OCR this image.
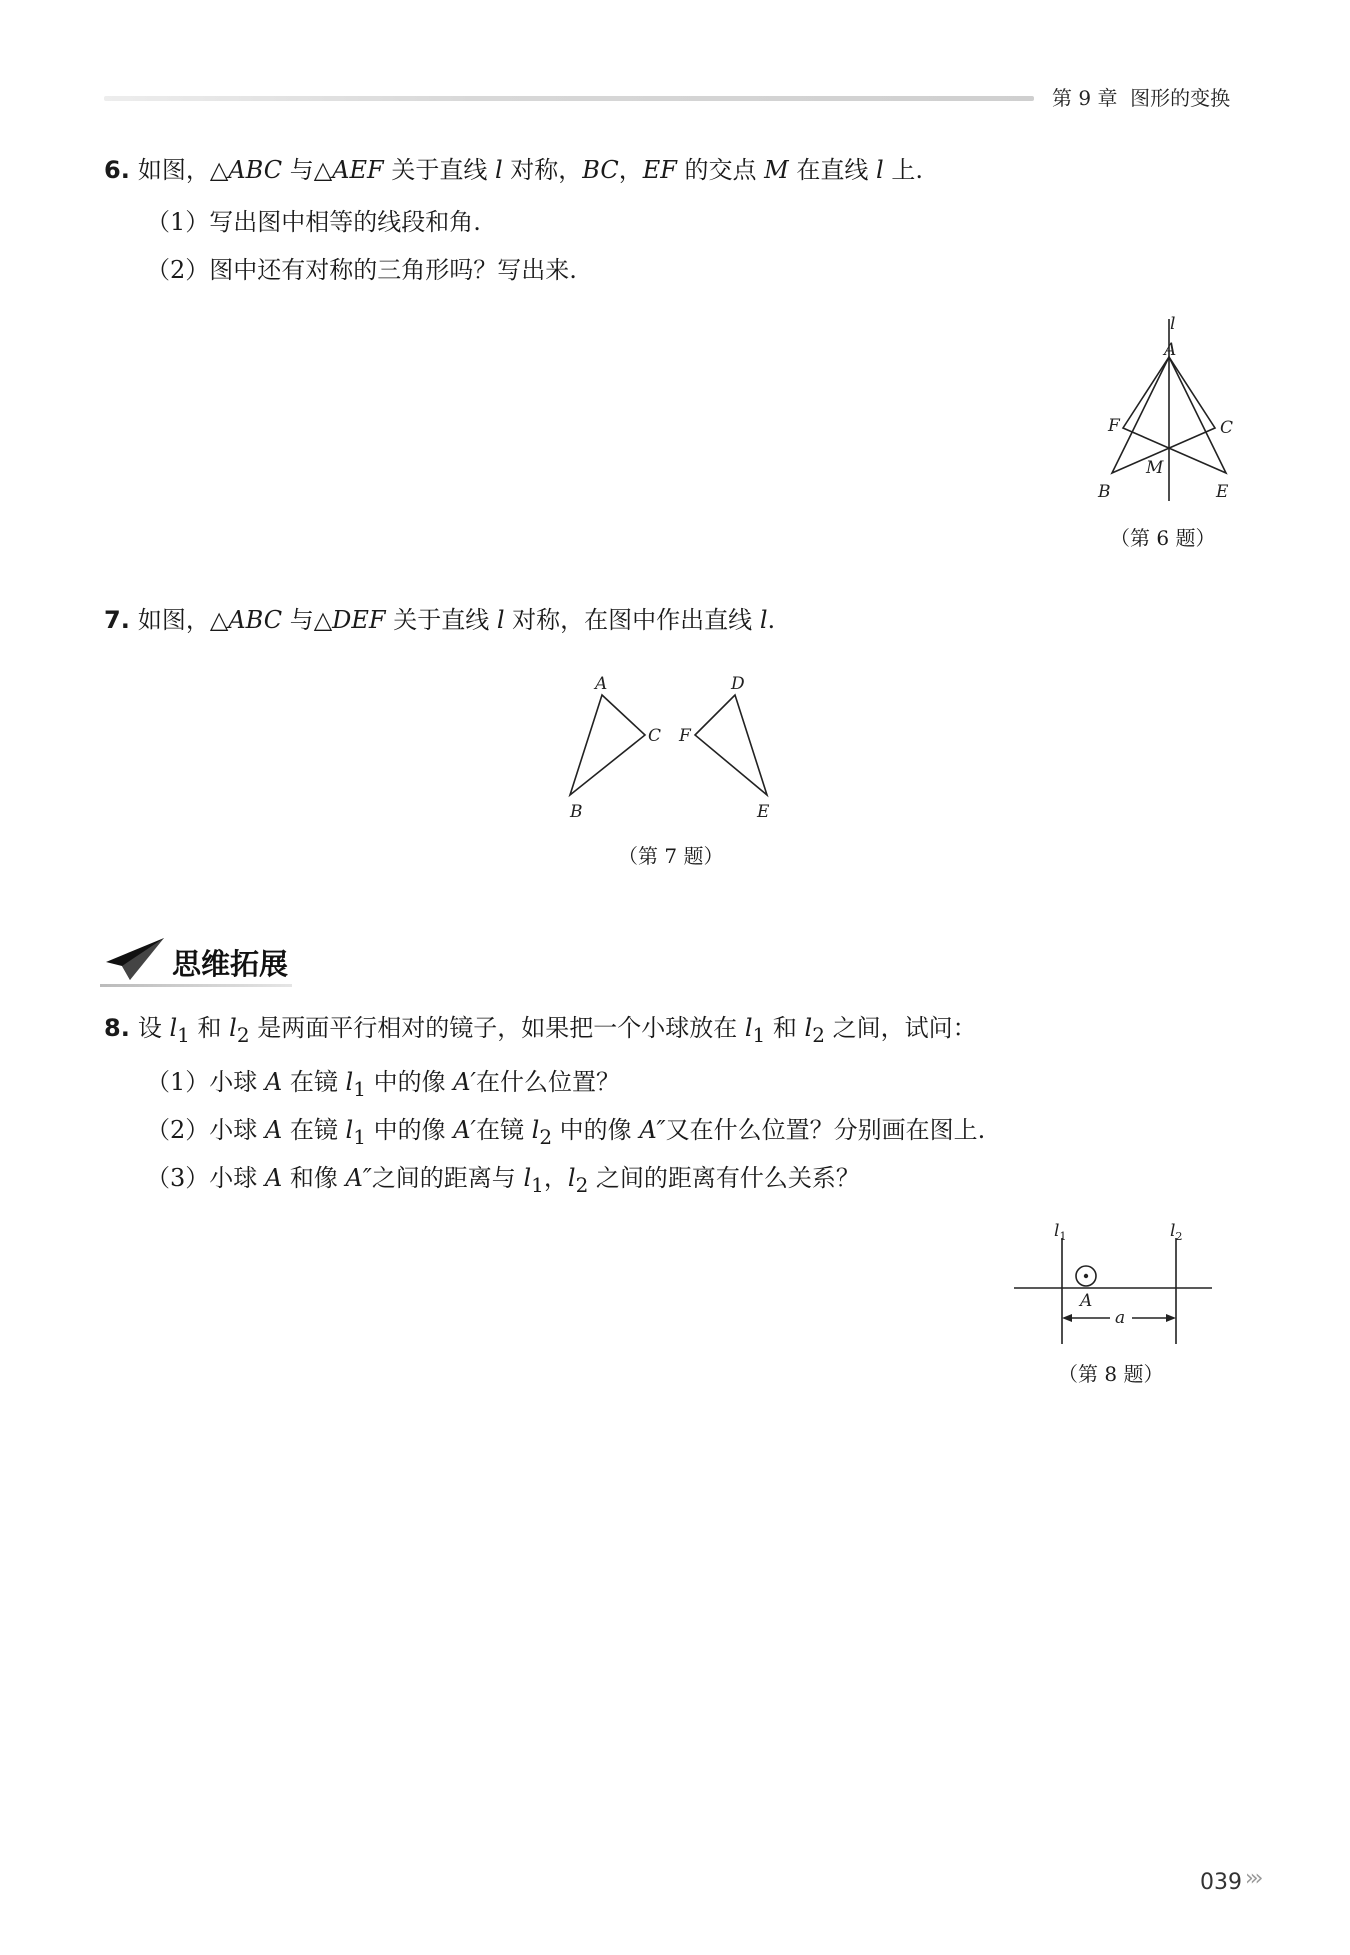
第 9 章 图形的变换
6. 如图，△ABC 与△AEF 关于直线 l 对称，BC，EF 的交点 M 在直线 l 上.
（1）写出图中相等的线段和角.
（2）图中还有对称的三角形吗？写出来.
l
A
F	C
M
B	E
（第 6 题）
7. 如图，△ABC 与△DEF 关于直线 l 对称，在图中作出直线 l.
A
C
B
D
F
E
（第 7 题）
思维拓展
8. 设 $l_1$ 和 $l_2$ 是两面平行相对的镜子，如果把一个小球放在 $l_1$ 和 $l_2$ 之间，试问：
（1）小球 A 在镜 $l_1$ 中的像 A′在什么位置？
（2）小球 A 在镜 $l_1$ 中的像 A′在镜 $l_2$ 中的像 A″又在什么位置？分别画在图上.
（3）小球 A 和像 A″之间的距离与 $l_1$，$l_2$ 之间的距离有什么关系？
$l_1$	$l_2$
A
a
（第 8 题）
039 ›››
